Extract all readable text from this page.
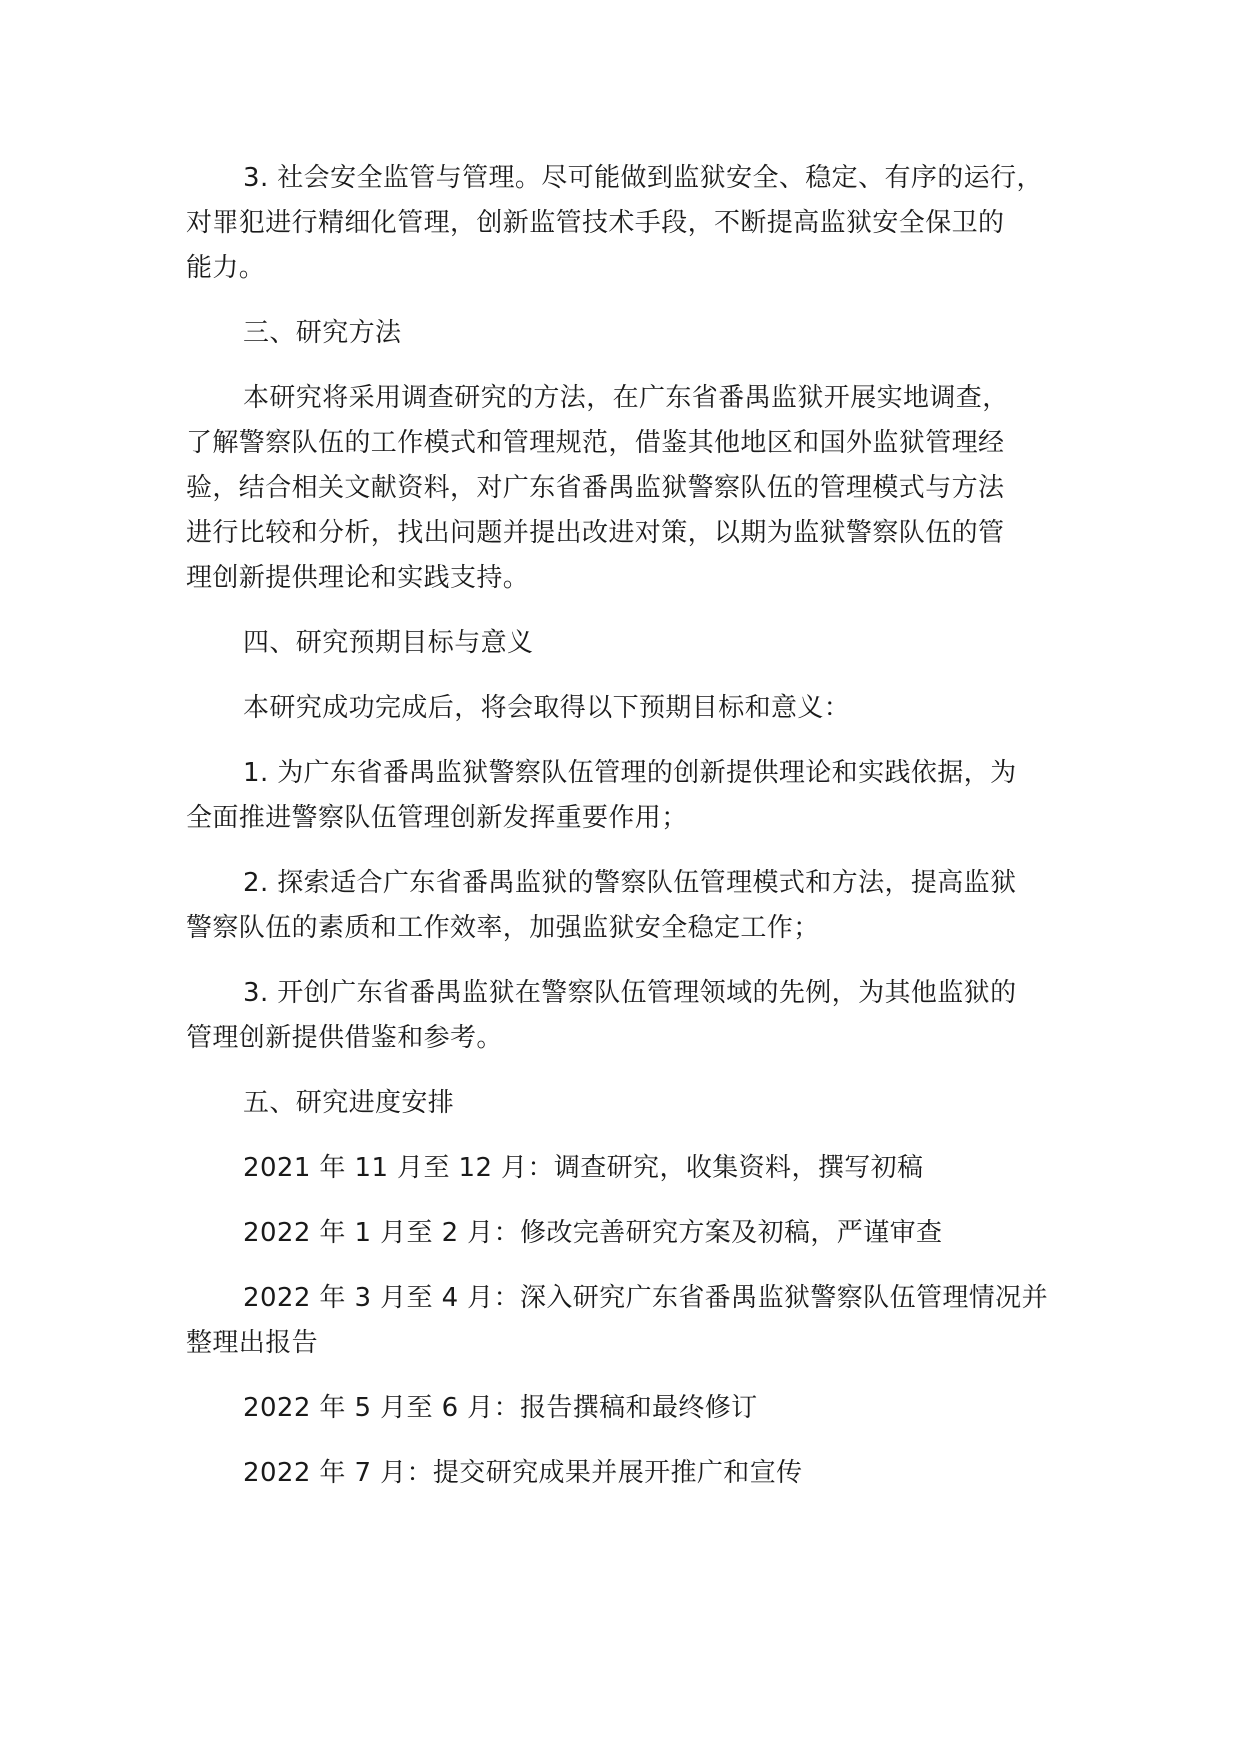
3. 社会安全监管与管理。尽可能做到监狱安全、稳定、有序的运行，
对罪犯进行精细化管理，创新监管技术手段，不断提高监狱安全保卫的
能力。

三、研究方法

本研究将采用调查研究的方法，在广东省番禺监狱开展实地调查，
了解警察队伍的工作模式和管理规范，借鉴其他地区和国外监狱管理经
验，结合相关文献资料，对广东省番禺监狱警察队伍的管理模式与方法
进行比较和分析，找出问题并提出改进对策，以期为监狱警察队伍的管
理创新提供理论和实践支持。

四、研究预期目标与意义

本研究成功完成后，将会取得以下预期目标和意义：

1. 为广东省番禺监狱警察队伍管理的创新提供理论和实践依据，为
全面推进警察队伍管理创新发挥重要作用；

2. 探索适合广东省番禺监狱的警察队伍管理模式和方法，提高监狱
警察队伍的素质和工作效率，加强监狱安全稳定工作；

3. 开创广东省番禺监狱在警察队伍管理领域的先例，为其他监狱的
管理创新提供借鉴和参考。

五、研究进度安排

2021 年 11 月至 12 月：调查研究，收集资料，撰写初稿

2022 年 1 月至 2 月：修改完善研究方案及初稿，严谨审查

2022 年 3 月至 4 月：深入研究广东省番禺监狱警察队伍管理情况并
整理出报告

2022 年 5 月至 6 月：报告撰稿和最终修订

2022 年 7 月：提交研究成果并展开推广和宣传
